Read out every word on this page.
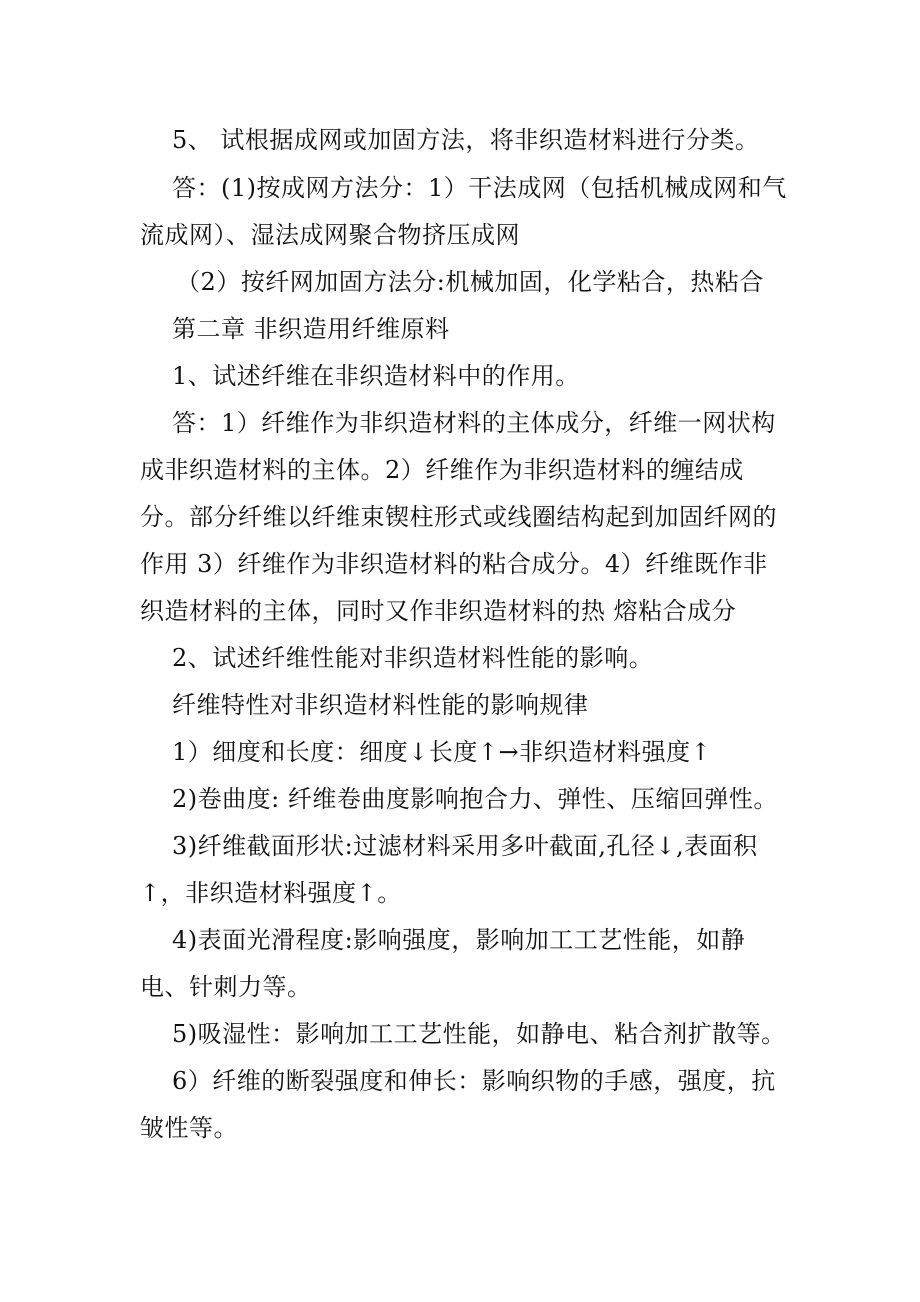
5、 试根据成网或加固方法，将非织造材料进行分类。

答：(1)按成网方法分：1）干法成网（包括机械成网和气流成网）、湿法成网聚合物挤压成网

（2）按纤网加固方法分:机械加固，化学粘合，热粘合

第二章 非织造用纤维原料

1、试述纤维在非织造材料中的作用。

答：1）纤维作为非织造材料的主体成分，纤维一网状构成非织造材料的主体。2）纤维作为非织造材料的缠结成分。部分纤维以纤维束锲柱形式或线圈结构起到加固纤网的作用 3）纤维作为非织造材料的粘合成分。4）纤维既作非织造材料的主体，同时又作非织造材料的热 熔粘合成分

2、试述纤维性能对非织造材料性能的影响。

纤维特性对非织造材料性能的影响规律

1）细度和长度：细度↓长度↑→非织造材料强度↑

2)卷曲度: 纤维卷曲度影响抱合力、弹性、压缩回弹性。

3)纤维截面形状:过滤材料采用多叶截面,孔径↓,表面积↑，非织造材料强度↑。

4)表面光滑程度:影响强度，影响加工工艺性能，如静电、针刺力等。

5)吸湿性：影响加工工艺性能，如静电、粘合剂扩散等。

6）纤维的断裂强度和伸长：影响织物的手感，强度，抗皱性等。
